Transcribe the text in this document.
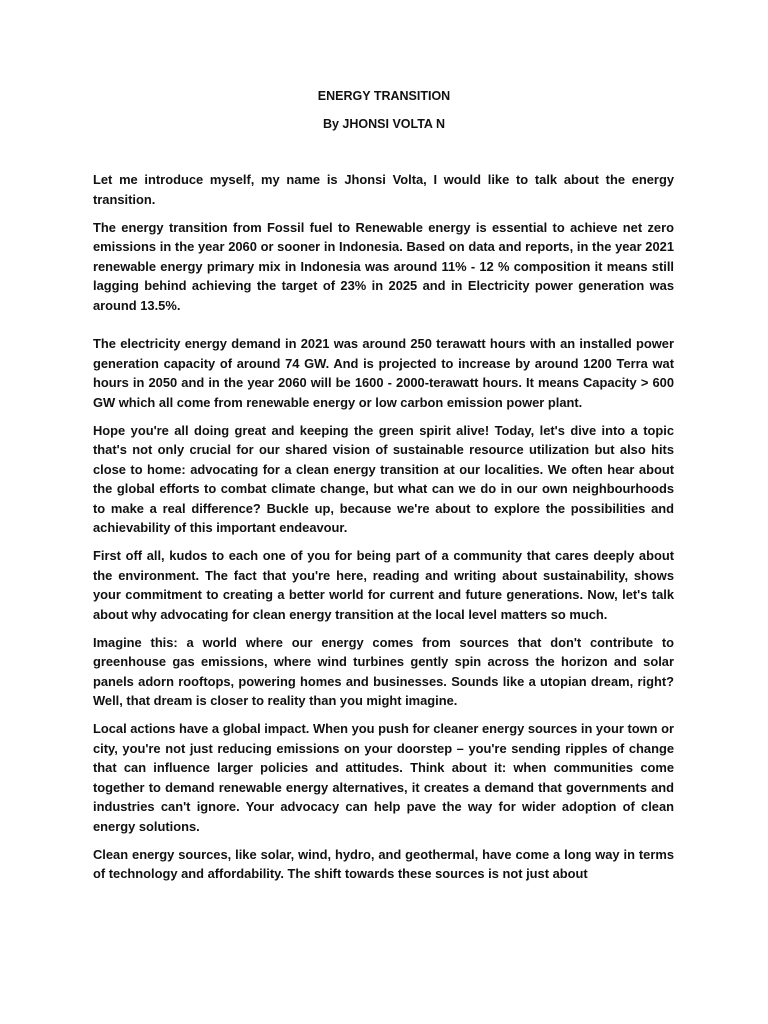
ENERGY TRANSITION

By JHONSI VOLTA N

Let me introduce myself, my name is Jhonsi Volta, I would like to talk about the energy transition.

The energy transition from Fossil fuel to Renewable energy is essential to achieve net zero emissions in the year 2060 or sooner in Indonesia. Based on data and reports, in the year 2021 renewable energy primary mix in Indonesia was around 11% - 12 % composition it means still lagging behind achieving the target of 23% in 2025 and in Electricity power generation was around 13.5%.

The electricity energy demand in 2021 was around 250 terawatt hours with an installed power generation capacity of around 74 GW. And is projected to increase by around 1200 Terra wat hours in 2050 and in the year 2060 will be 1600 - 2000-terawatt hours. It means Capacity > 600 GW which all come from renewable energy or low carbon emission power plant.

Hope you're all doing great and keeping the green spirit alive! Today, let's dive into a topic that's not only crucial for our shared vision of sustainable resource utilization but also hits close to home: advocating for a clean energy transition at our localities. We often hear about the global efforts to combat climate change, but what can we do in our own neighbourhoods to make a real difference? Buckle up, because we're about to explore the possibilities and achievability of this important endeavour.

First off all, kudos to each one of you for being part of a community that cares deeply about the environment. The fact that you're here, reading and writing about sustainability, shows your commitment to creating a better world for current and future generations. Now, let's talk about why advocating for clean energy transition at the local level matters so much.

Imagine this: a world where our energy comes from sources that don't contribute to greenhouse gas emissions, where wind turbines gently spin across the horizon and solar panels adorn rooftops, powering homes and businesses. Sounds like a utopian dream, right? Well, that dream is closer to reality than you might imagine.

Local actions have a global impact. When you push for cleaner energy sources in your town or city, you're not just reducing emissions on your doorstep – you're sending ripples of change that can influence larger policies and attitudes. Think about it: when communities come together to demand renewable energy alternatives, it creates a demand that governments and industries can't ignore. Your advocacy can help pave the way for wider adoption of clean energy solutions.

Clean energy sources, like solar, wind, hydro, and geothermal, have come a long way in terms of technology and affordability. The shift towards these sources is not just about
